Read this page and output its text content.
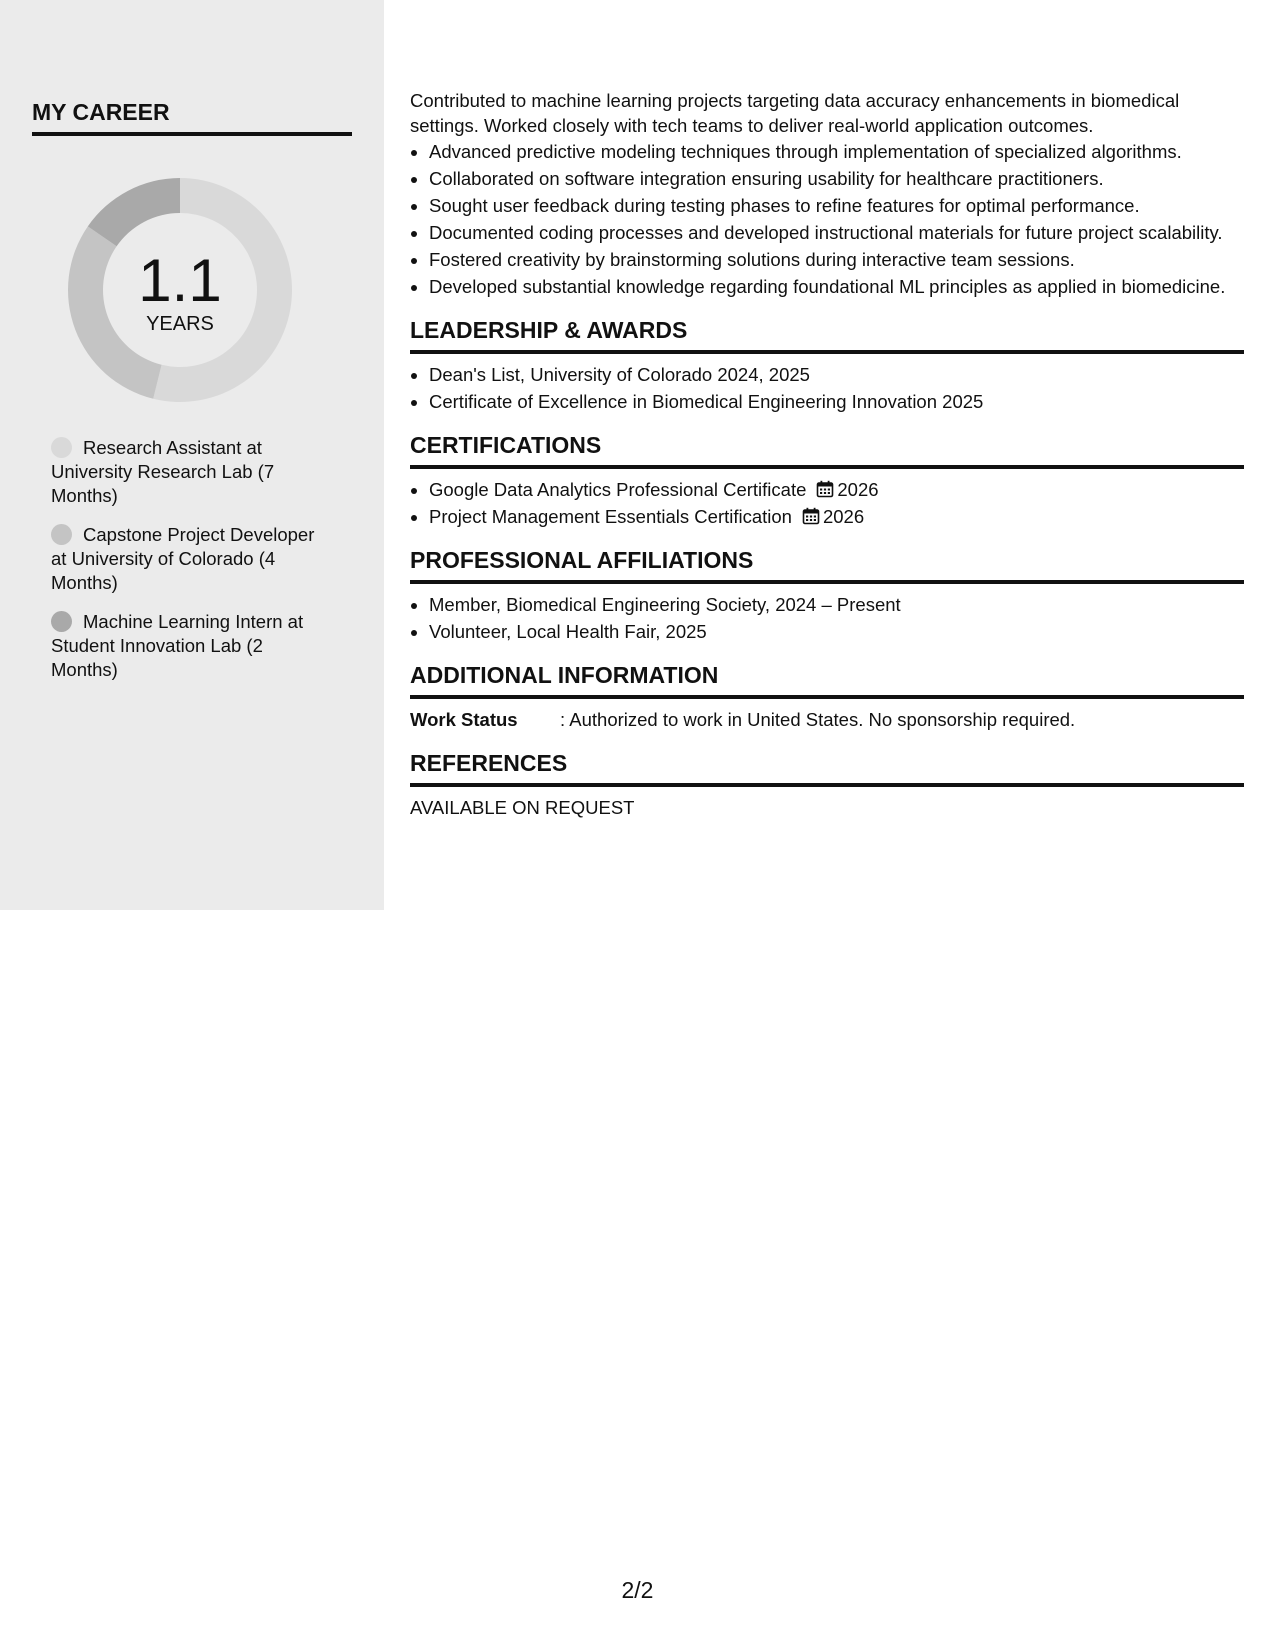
MY CAREER
1.1
YEARS
Research Assistant at University Research Lab (7 Months)
Capstone Project Developer at University of Colorado (4 Months)
Machine Learning Intern at Student Innovation Lab (2 Months)

Contributed to machine learning projects targeting data accuracy enhancements in biomedical settings. Worked closely with tech teams to deliver real-world application outcomes.

• Advanced predictive modeling techniques through implementation of specialized algorithms.
• Collaborated on software integration ensuring usability for healthcare practitioners.
• Sought user feedback during testing phases to refine features for optimal performance.
• Documented coding processes and developed instructional materials for future project scalability.
• Fostered creativity by brainstorming solutions during interactive team sessions.
• Developed substantial knowledge regarding foundational ML principles as applied in biomedicine.
LEADERSHIP & AWARDS
• Dean's List, University of Colorado 2024, 2025
• Certificate of Excellence in Biomedical Engineering Innovation 2025
CERTIFICATIONS
• Google Data Analytics Professional Certificate 2026
• Project Management Essentials Certification 2026
PROFESSIONAL AFFILIATIONS
• Member, Biomedical Engineering Society, 2024 – Present
• Volunteer, Local Health Fair, 2025
ADDITIONAL INFORMATION
Work Status	: Authorized to work in United States. No sponsorship required.
REFERENCES
AVAILABLE ON REQUEST
2/2
